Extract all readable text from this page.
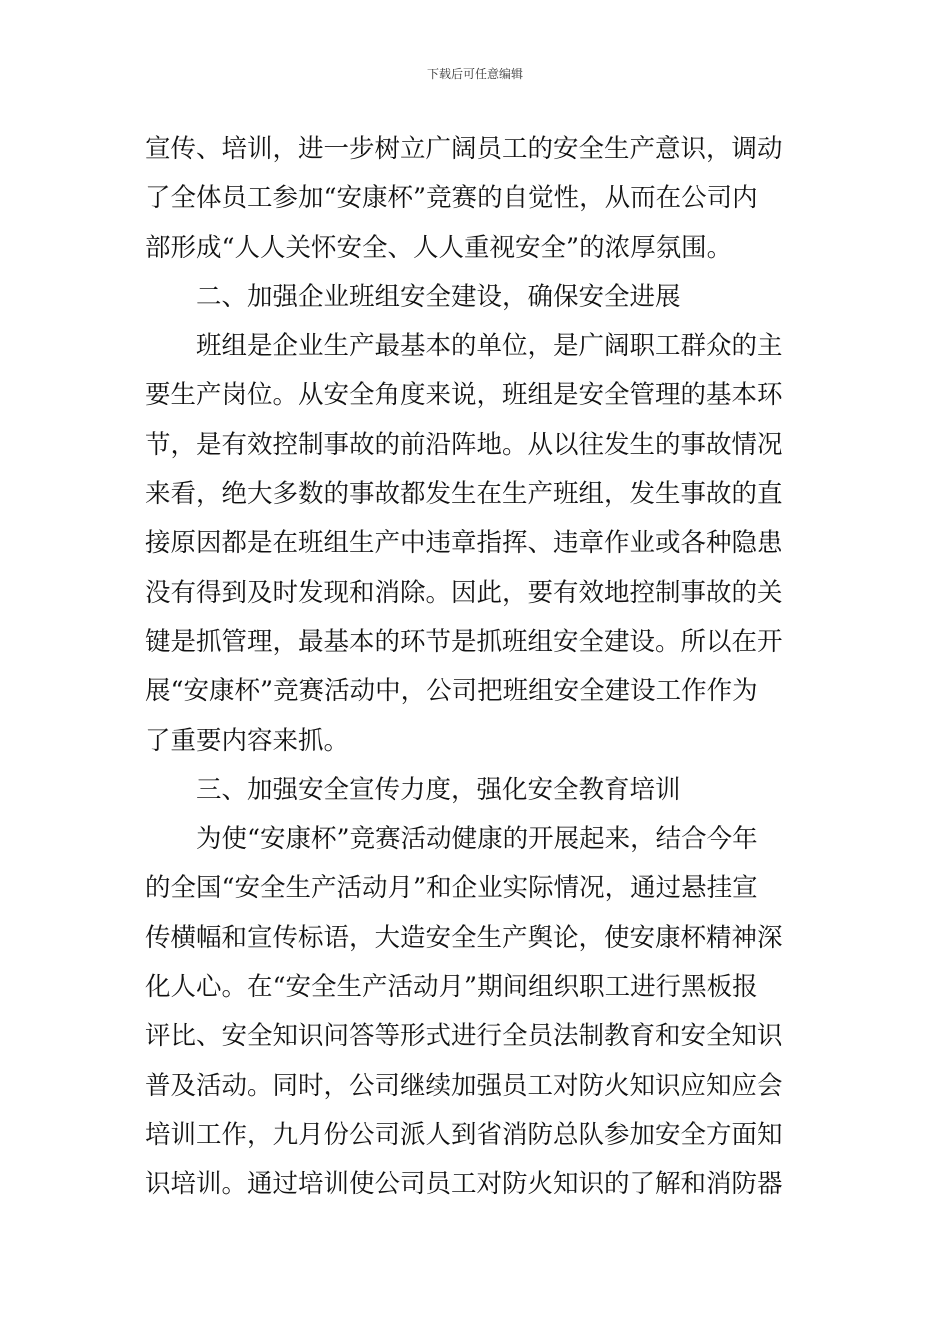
下载后可任意编辑
宣传、培训，进一步树立广阔员工的安全生产意识，调动
了全体员工参加“安康杯”竞赛的自觉性，从而在公司内
部形成“人人关怀安全、人人重视安全”的浓厚氛围。
二、加强企业班组安全建设，确保安全进展
班组是企业生产最基本的单位，是广阔职工群众的主
要生产岗位。从安全角度来说，班组是安全管理的基本环
节，是有效控制事故的前沿阵地。从以往发生的事故情况
来看，绝大多数的事故都发生在生产班组，发生事故的直
接原因都是在班组生产中违章指挥、违章作业或各种隐患
没有得到及时发现和消除。因此，要有效地控制事故的关
键是抓管理，最基本的环节是抓班组安全建设。所以在开
展“安康杯”竞赛活动中，公司把班组安全建设工作作为
了重要内容来抓。
三、加强安全宣传力度，强化安全教育培训
为使“安康杯”竞赛活动健康的开展起来，结合今年
的全国“安全生产活动月”和企业实际情况，通过悬挂宣
传横幅和宣传标语，大造安全生产舆论，使安康杯精神深
化人心。在“安全生产活动月”期间组织职工进行黑板报
评比、安全知识问答等形式进行全员法制教育和安全知识
普及活动。同时，公司继续加强员工对防火知识应知应会
培训工作，九月份公司派人到省消防总队参加安全方面知
识培训。通过培训使公司员工对防火知识的了解和消防器
